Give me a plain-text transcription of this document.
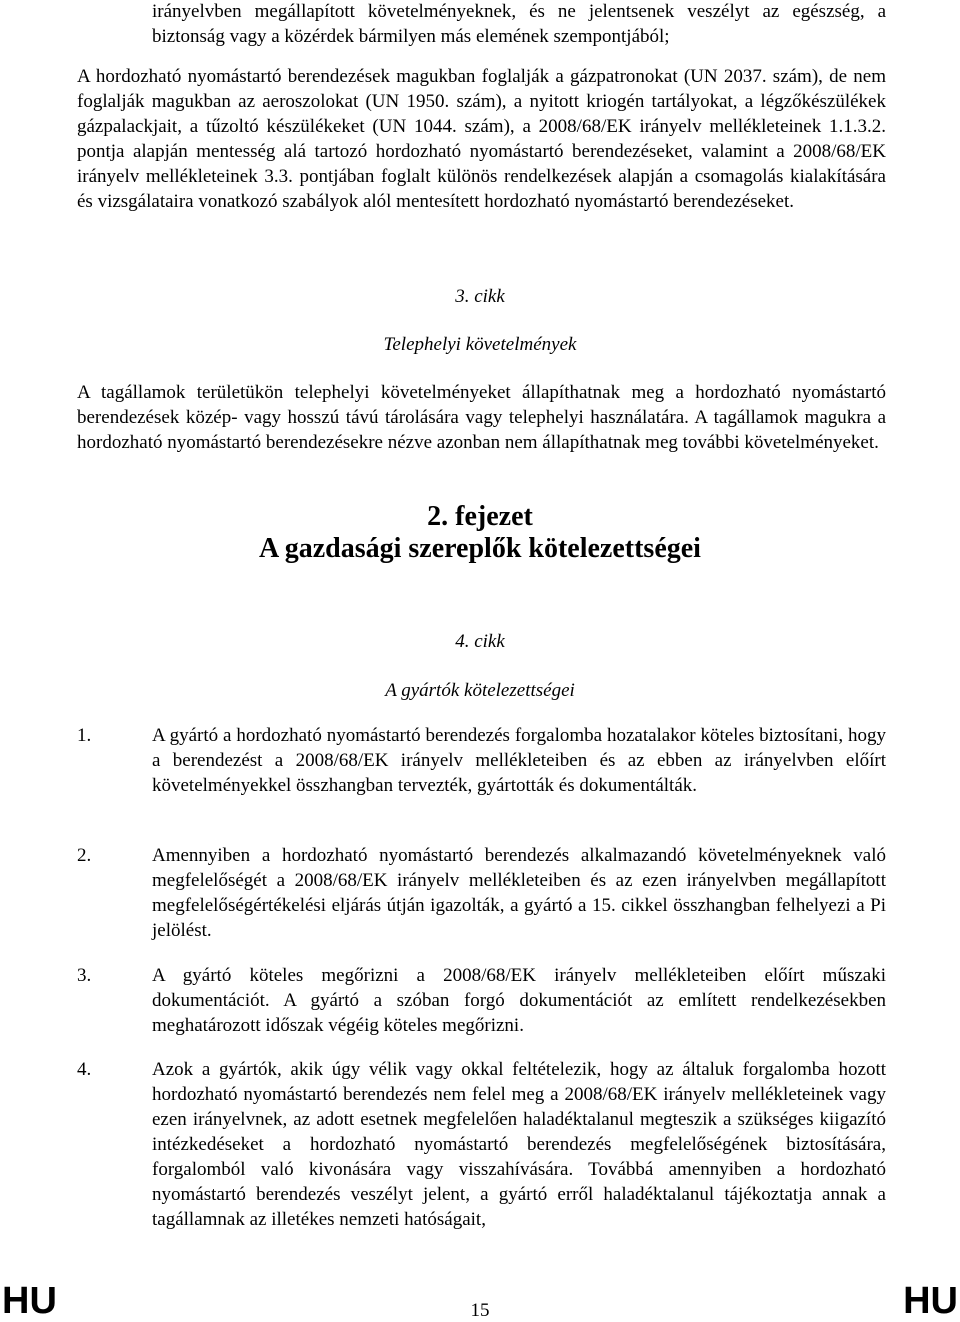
irányelvben megállapított követelményeknek, és ne jelentsenek veszélyt az egészség, a biztonság vagy a közérdek bármilyen más elemének szempontjából;
A hordozható nyomástartó berendezések magukban foglalják a gázpatronokat (UN 2037. szám), de nem foglalják magukban az aeroszolokat (UN 1950. szám), a nyitott kriogén tartályokat, a légzőkészülékek gázpalackjait, a tűzoltó készülékeket (UN 1044. szám), a 2008/68/EK irányelv mellékleteinek 1.1.3.2. pontja alapján mentesség alá tartozó hordozható nyomástartó berendezéseket, valamint a 2008/68/EK irányelv mellékleteinek 3.3. pontjában foglalt különös rendelkezések alapján a csomagolás kialakítására és vizsgálataira vonatkozó szabályok alól mentesített hordozható nyomástartó berendezéseket.
3. cikk
Telephelyi követelmények
A tagállamok területükön telephelyi követelményeket állapíthatnak meg a hordozható nyomástartó berendezések közép- vagy hosszú távú tárolására vagy telephelyi használatára. A tagállamok magukra a hordozható nyomástartó berendezésekre nézve azonban nem állapíthatnak meg további követelményeket.
2. fejezet
A gazdasági szereplők kötelezettségei
4. cikk
A gyártók kötelezettségei
1.	A gyártó a hordozható nyomástartó berendezés forgalomba hozatalakor köteles biztosítani, hogy a berendezést a 2008/68/EK irányelv mellékleteiben és az ebben az irányelvben előírt követelményekkel összhangban tervezték, gyártották és dokumentálták.
2.	Amennyiben a hordozható nyomástartó berendezés alkalmazandó követelményeknek való megfelelőségét a 2008/68/EK irányelv mellékleteiben és az ezen irányelvben megállapított megfelelőségértékelési eljárás útján igazolták, a gyártó a 15. cikkel összhangban felhelyezi a Pi jelölést.
3.	A gyártó köteles megőrizni a 2008/68/EK irányelv mellékleteiben előírt műszaki dokumentációt. A gyártó a szóban forgó dokumentációt az említett rendelkezésekben meghatározott időszak végéig köteles megőrizni.
4.	Azok a gyártók, akik úgy vélik vagy okkal feltételezik, hogy az általuk forgalomba hozott hordozható nyomástartó berendezés nem felel meg a 2008/68/EK irányelv mellékleteinek vagy ezen irányelvnek, az adott esetnek megfelelően haladéktalanul megteszik a szükséges kiigazító intézkedéseket a hordozható nyomástartó berendezés megfelelőségének biztosítására, forgalomból való kivonására vagy visszahívására. Továbbá amennyiben a hordozható nyomástartó berendezés veszélyt jelent, a gyártó erről haladéktalanul tájékoztatja annak a tagállamnak az illetékes nemzeti hatóságait,
HU	15	HU
